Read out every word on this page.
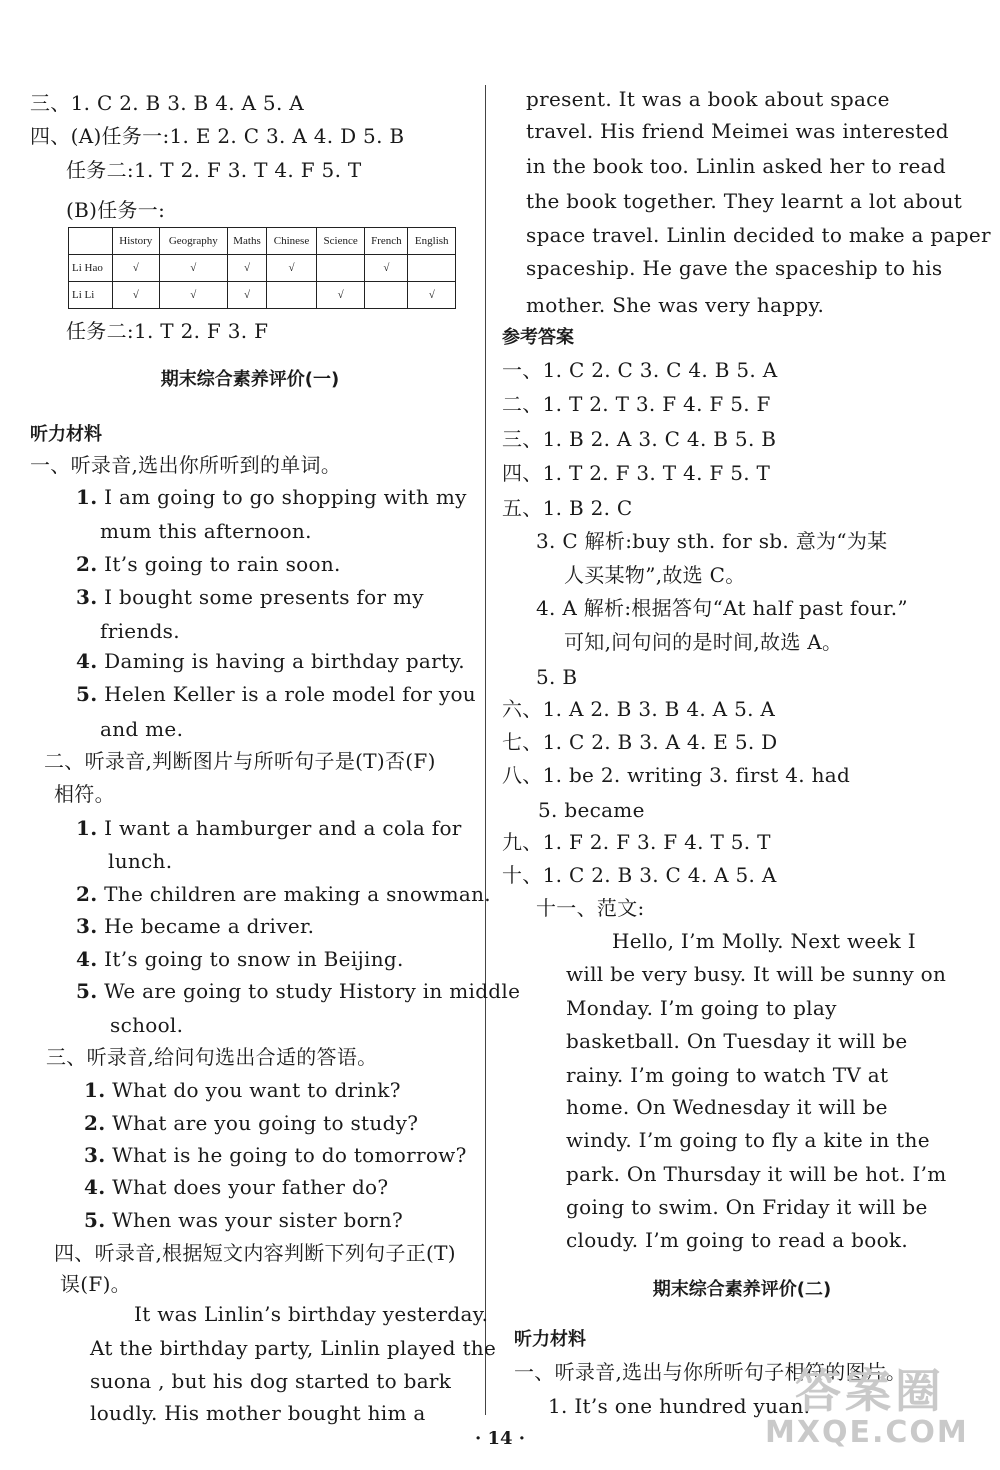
三、1. C 2. B 3. B 4. A 5. A
四、(A)任务一:1. E 2. C 3. A 4. D 5. B
任务二:1. T 2. F 3. T 4. F 5. T
(B)任务一:
	History	Geography	Maths	Chinese	Science	French	English
Li Hao	√	√	√	√		√	
Li Li	√	√	√		√		√
任务二:1. T 2. F 3. F
期末综合素养评价(一)
听力材料
一、听录音,选出你所听到的单词。
1. I am going to go shopping with my
mum this afternoon.
2. It’s going to rain soon.
3. I bought some presents for my
friends.
4. Daming is having a birthday party.
5. Helen Keller is a role model for you
and me.
二、听录音,判断图片与所听句子是(T)否(F)
相符。
1. I want a hamburger and a cola for
lunch.
2. The children are making a snowman.
3. He became a driver.
4. It’s going to snow in Beijing.
5. We are going to study History in middle
school.
三、听录音,给问句选出合适的答语。
1. What do you want to drink?
2. What are you going to study?
3. What is he going to do tomorrow?
4. What does your father do?
5. When was your sister born?
四、听录音,根据短文内容判断下列句子正(T)
误(F)。
It was Linlin’s birthday yesterday.
At the birthday party, Linlin played the
suona , but his dog started to bark
loudly. His mother bought him a
present. It was a book about space
travel. His friend Meimei was interested
in the book too. Linlin asked her to read
the book together. They learnt a lot about
space travel. Linlin decided to make a paper
spaceship. He gave the spaceship to his
mother. She was very happy.
参考答案
一、1. C 2. C 3. C 4. B 5. A
二、1. T 2. T 3. F 4. F 5. F
三、1. B 2. A 3. C 4. B 5. B
四、1. T 2. F 3. T 4. F 5. T
五、1. B 2. C
3. C 解析:buy sth. for sb. 意为“为某
人买某物”,故选 C。
4. A 解析:根据答句“At half past four.”
可知,问句问的是时间,故选 A。
5. B
六、1. A 2. B 3. B 4. A 5. A
七、1. C 2. B 3. A 4. E 5. D
八、1. be 2. writing 3. first 4. had
5. became
九、1. F 2. F 3. F 4. T 5. T
十、1. C 2. B 3. C 4. A 5. A
十一、范文:
Hello, I’m Molly. Next week I
will be very busy. It will be sunny on
Monday. I’m going to play
basketball. On Tuesday it will be
rainy. I’m going to watch TV at
home. On Wednesday it will be
windy. I’m going to fly a kite in the
park. On Thursday it will be hot. I’m
going to swim. On Friday it will be
cloudy. I’m going to read a book.
期末综合素养评价(二)
听力材料
一、听录音,选出与你所听句子相符的图片。
1. It’s one hundred yuan.
· 14 ·
答案圈
MXQE.COM
